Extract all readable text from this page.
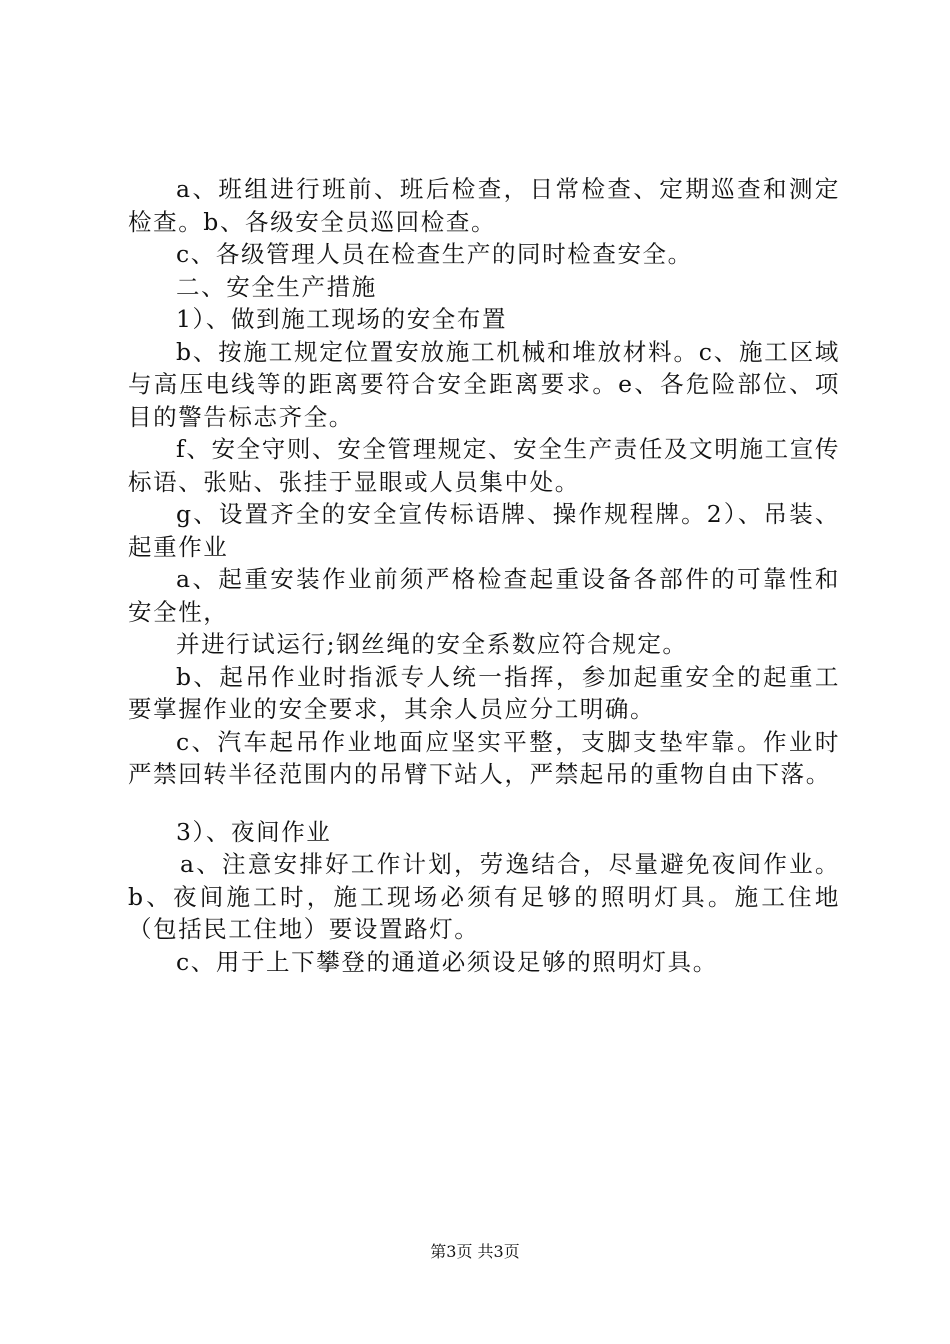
a、班组进行班前、班后检查，日常检查、定期巡查和测定检查。b、各级安全员巡回检查。

c、各级管理人员在检查生产的同时检查安全。

二、安全生产措施

1）、做到施工现场的安全布置

b、按施工规定位置安放施工机械和堆放材料。c、施工区域与高压电线等的距离要符合安全距离要求。e、各危险部位、项目的警告标志齐全。

f、安全守则、安全管理规定、安全生产责任及文明施工宣传标语、张贴、张挂于显眼或人员集中处。

g、设置齐全的安全宣传标语牌、操作规程牌。2）、吊装、起重作业

a、起重安装作业前须严格检查起重设备各部件的可靠性和安全性，

并进行试运行;钢丝绳的安全系数应符合规定。

b、起吊作业时指派专人统一指挥，参加起重安全的起重工要掌握作业的安全要求，其余人员应分工明确。

c、汽车起吊作业地面应坚实平整，支脚支垫牢靠。作业时严禁回转半径范围内的吊臂下站人，严禁起吊的重物自由下落。

3）、夜间作业

a、注意安排好工作计划，劳逸结合，尽量避免夜间作业。b、夜间施工时，施工现场必须有足够的照明灯具。施工住地（包括民工住地）要设置路灯。

c、用于上下攀登的通道必须设足够的照明灯具。

第3页 共3页
